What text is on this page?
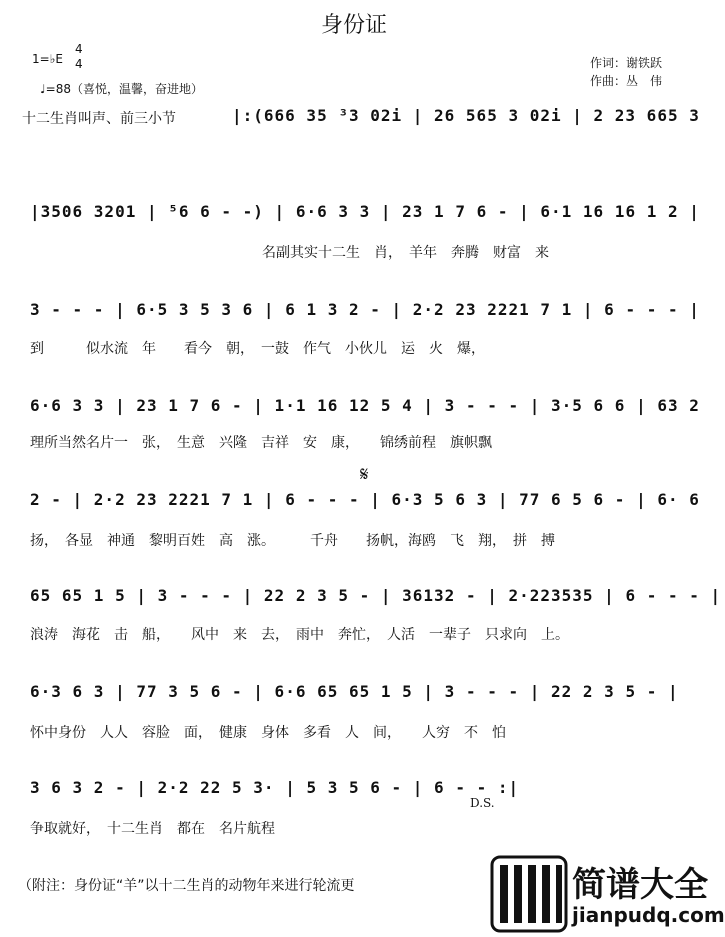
身份证
1=♭E
4
4
♩=88（喜悦，温馨，奋进地）
作词：谢铁跃
作曲：丛　伟
十二生肖叫声、前三小节	|:(666 35 ³3 02i | 26 565 3 02i | 2 23 665 3
|3506 3201 | ⁵6 6 - -) | 6·6 3 3 | 23 1 7 6 - | 6·1 16 16 1 2 |
名副其实十二生　肖，　羊年　奔腾　财富　来
3 - - - | 6·5 3 5 3 6 | 6 1 3 2 - | 2·2 23 2221 7 1 | 6 - - - |
到　　　似水流　年　　看今　朝，　一鼓　作气　小伙儿　运　火　爆，
6·6 3 3 | 23 1 7 6 - | 1·1 16 12 5 4 | 3 - - - | 3·5 6 6 | 63 2
理所当然名片一　张，　生意　兴隆　吉祥　安　康，　　锦绣前程　旗帜飘
𝄋
2 - | 2·2 23 2221 7 1 | 6 - - - | 6·3 5 6 3 | 77 6 5 6 - | 6· 6
扬，　各显　神通　黎明百姓　高　涨。　　　千舟　　扬帆，海鸥　飞　翔，　拼　搏
65 65 1 5 | 3 - - - | 22 2 3 5 - | 36132 - | 2·223535 | 6 - - - |
浪涛　海花　击　船，　　风中　来　去，　雨中　奔忙，　人活　一辈子　只求向　上。
6·3 6 3 | 77 3 5 6 - | 6·6 65 65 1 5 | 3 - - - | 22 2 3 5 - |
怀中身份　人人　容脸　面，　健康　身体　多看　人　间，　　人穷　不　怕
3 6 3 2 - | 2·2 22 5 3· | 5 3 5 6 - | 6 - - :|
D.S.
争取就好，　十二生肖　都在　名片航程
（附注：身份证“羊”以十二生肖的动物年来进行轮流更	简谱大全
jianpudq.com
